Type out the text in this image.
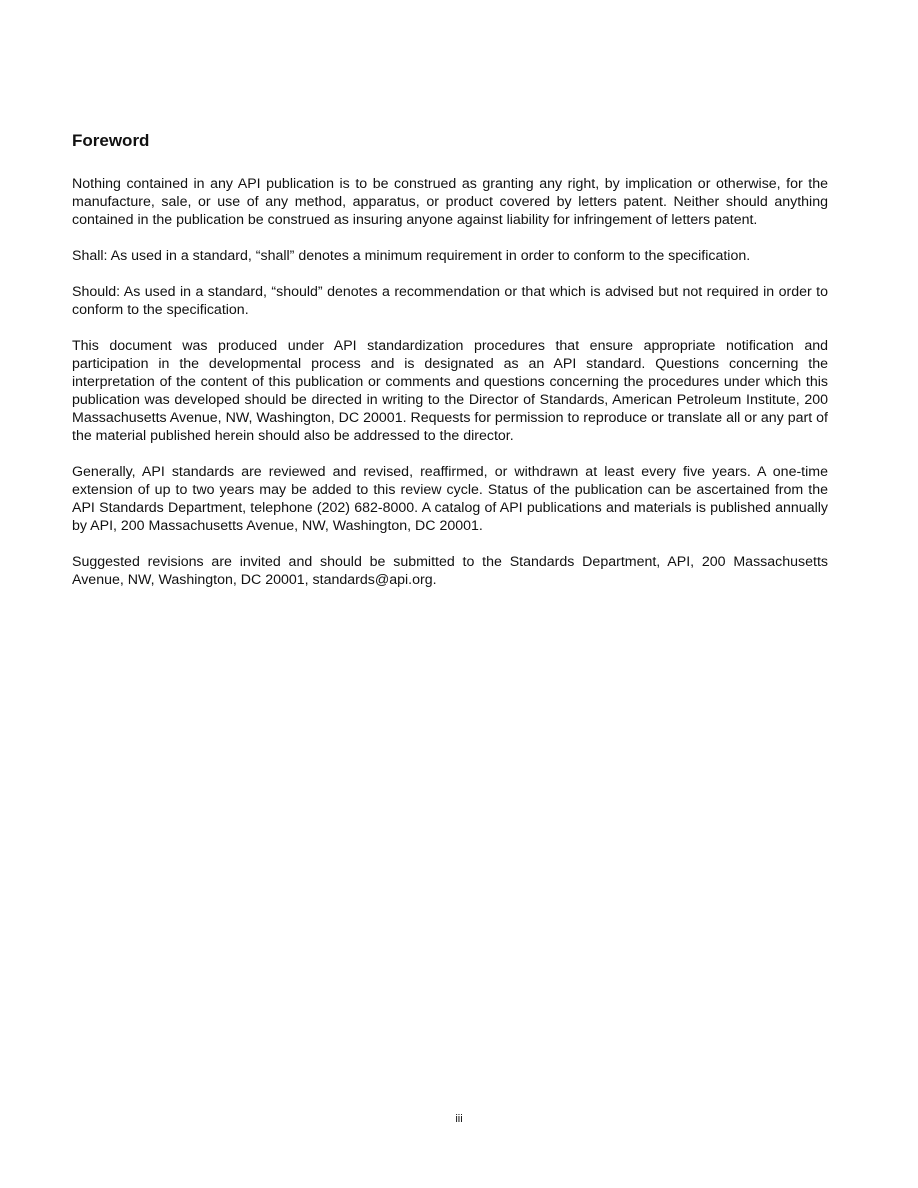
Foreword

Nothing contained in any API publication is to be construed as granting any right, by implication or otherwise, for the manufacture, sale, or use of any method, apparatus, or product covered by letters patent. Neither should anything contained in the publication be construed as insuring anyone against liability for infringement of letters patent.

Shall: As used in a standard, “shall” denotes a minimum requirement in order to conform to the specification.

Should: As used in a standard, “should” denotes a recommendation or that which is advised but not required in order to conform to the specification.

This document was produced under API standardization procedures that ensure appropriate notification and participation in the developmental process and is designated as an API standard. Questions concerning the interpretation of the content of this publication or comments and questions concerning the procedures under which this publication was developed should be directed in writing to the Director of Standards, American Petroleum Institute, 200 Massachusetts Avenue, NW, Washington, DC 20001. Requests for permission to reproduce or translate all or any part of the material published herein should also be addressed to the director.

Generally, API standards are reviewed and revised, reaffirmed, or withdrawn at least every five years. A one-time extension of up to two years may be added to this review cycle. Status of the publication can be ascertained from the API Standards Department, telephone (202) 682-8000. A catalog of API publications and materials is published annually by API, 200 Massachusetts Avenue, NW, Washington, DC 20001.

Suggested revisions are invited and should be submitted to the Standards Department, API, 200 Massachusetts Avenue, NW, Washington, DC 20001, standards@api.org.

iii
